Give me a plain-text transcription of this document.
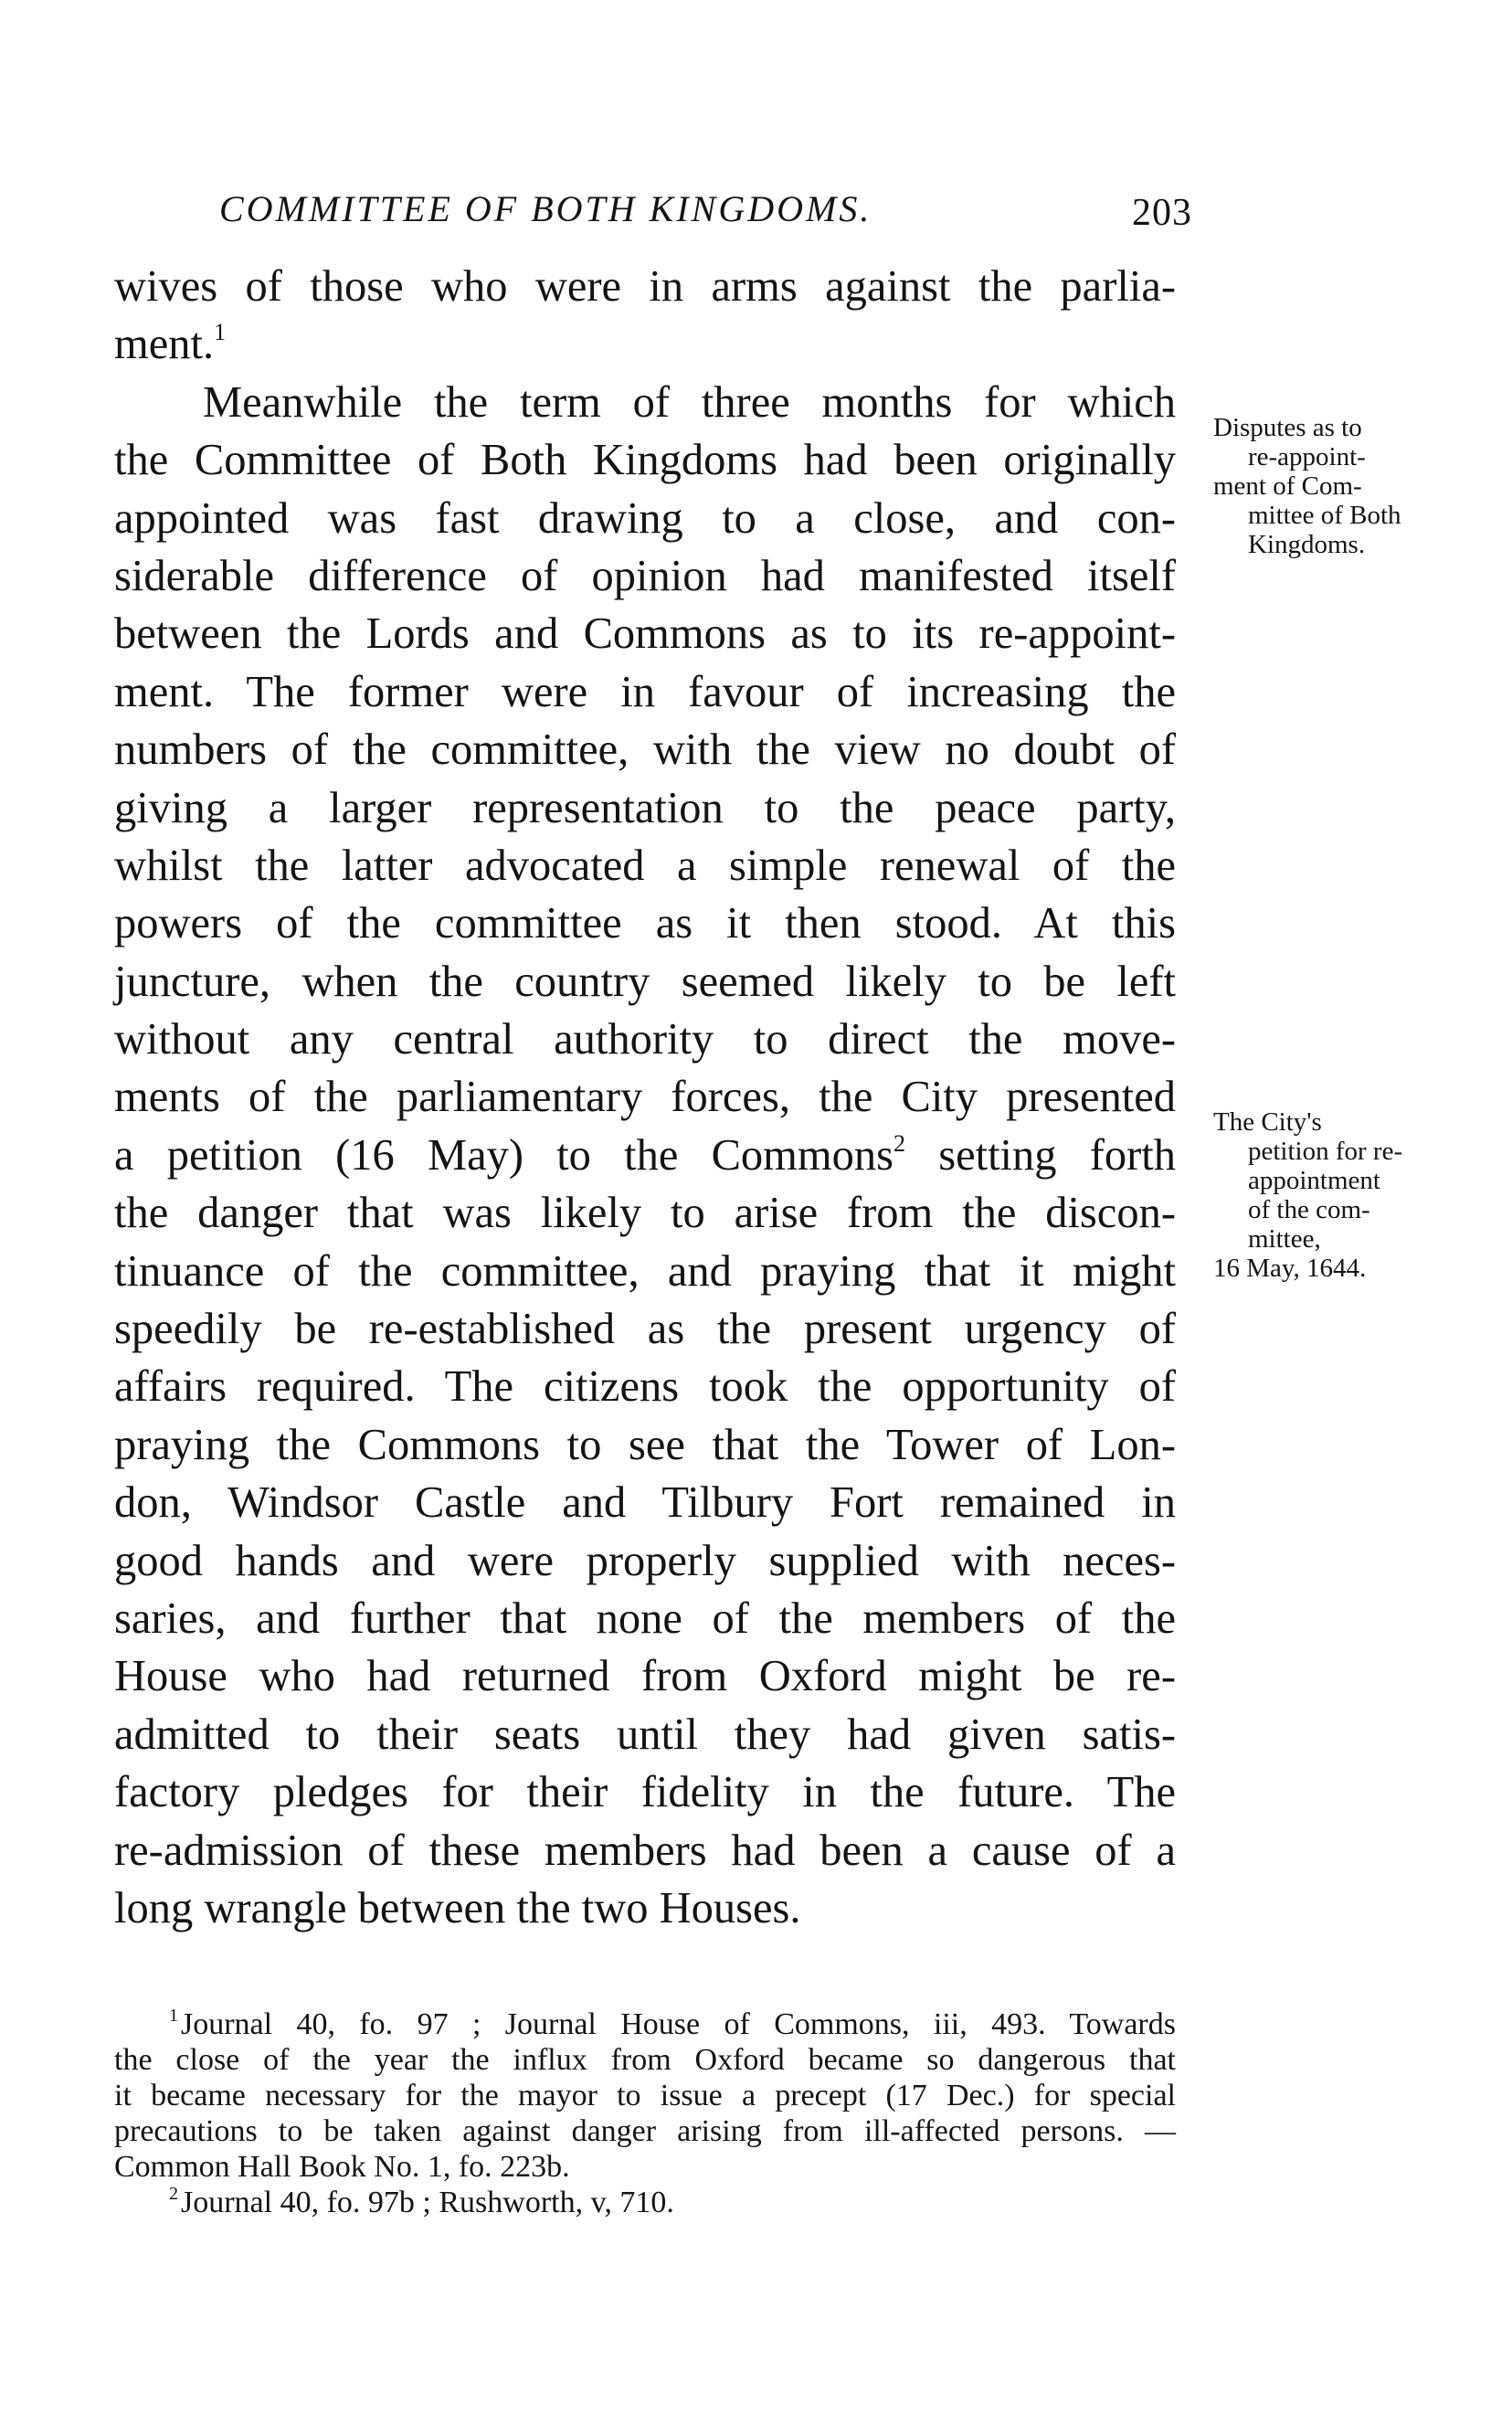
COMMITTEE OF BOTH KINGDOMS.	203
wives of those who were in arms against the parlia-
ment.$^1$
Meanwhile the term of three months for which
the Committee of Both Kingdoms had been originally
appointed was fast drawing to a close, and con-
siderable difference of opinion had manifested itself
between the Lords and Commons as to its re-appoint-
ment. The former were in favour of increasing the
numbers of the committee, with the view no doubt of
giving a larger representation to the peace party,
whilst the latter advocated a simple renewal of the
powers of the committee as it then stood. At this
juncture, when the country seemed likely to be left
without any central authority to direct the move-
ments of the parliamentary forces, the City presented
a petition (16 May) to the Commons$^2$ setting forth
the danger that was likely to arise from the discon-
tinuance of the committee, and praying that it might
speedily be re-established as the present urgency of
affairs required. The citizens took the opportunity of
praying the Commons to see that the Tower of Lon-
don, Windsor Castle and Tilbury Fort remained in
good hands and were properly supplied with neces-
saries, and further that none of the members of the
House who had returned from Oxford might be re-
admitted to their seats until they had given satis-
factory pledges for their fidelity in the future. The
re-admission of these members had been a cause of a
long wrangle between the two Houses.
Disputes as to
re-appoint-
ment of Com-
mittee of Both
Kingdoms.
The City's
petition for re-
appointment
of the com-
mittee,
16 May, 1644.
$^1$Journal 40, fo. 97 ; Journal House of Commons, iii, 493. Towards
the close of the year the influx from Oxford became so dangerous that
it became necessary for the mayor to issue a precept (17 Dec.) for special
precautions to be taken against danger arising from ill-affected persons. —
Common Hall Book No. 1, fo. 223b.
$^2$Journal 40, fo. 97b ; Rushworth, v, 710.
